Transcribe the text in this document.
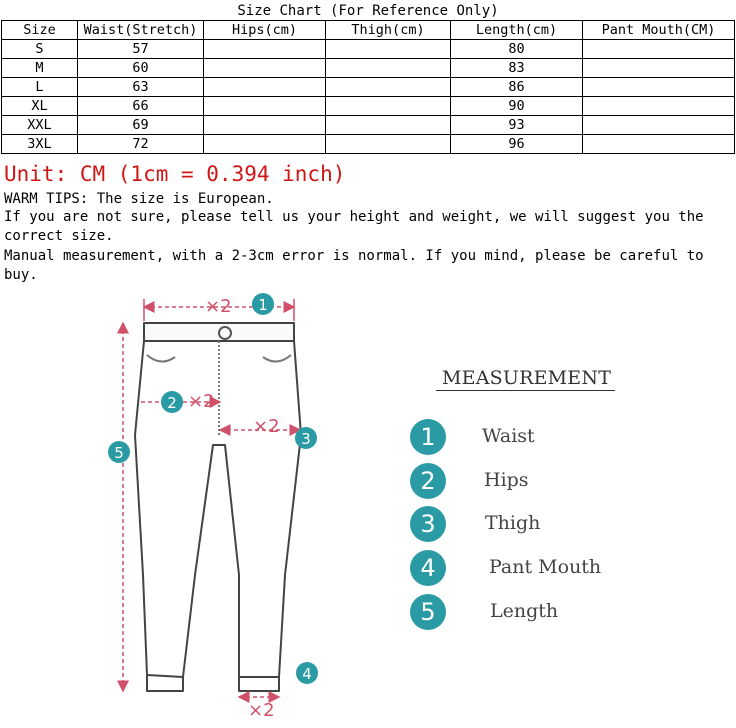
Size Chart (For Reference Only)
Size	Waist(Stretch)	Hips(cm)	Thigh(cm)	Length(cm)	Pant Mouth(CM)
S	57			80	
M	60			83	
L	63			86	
XL	66			90	
XXL	69			93	
3XL	72			96	
Unit: CM (1cm = 0.394 inch)
WARM TIPS: The size is European.
If you are not sure, please tell us your height and weight, we will suggest you the correct size.
Manual measurement, with a 2-3cm error is normal. If you mind, please be careful to buy.
×2
×2
×2
×2
1
2
3
4
5
MEASUREMENT
1	Waist
2	Hips
3	Thigh
4	Pant Mouth
5	Length
